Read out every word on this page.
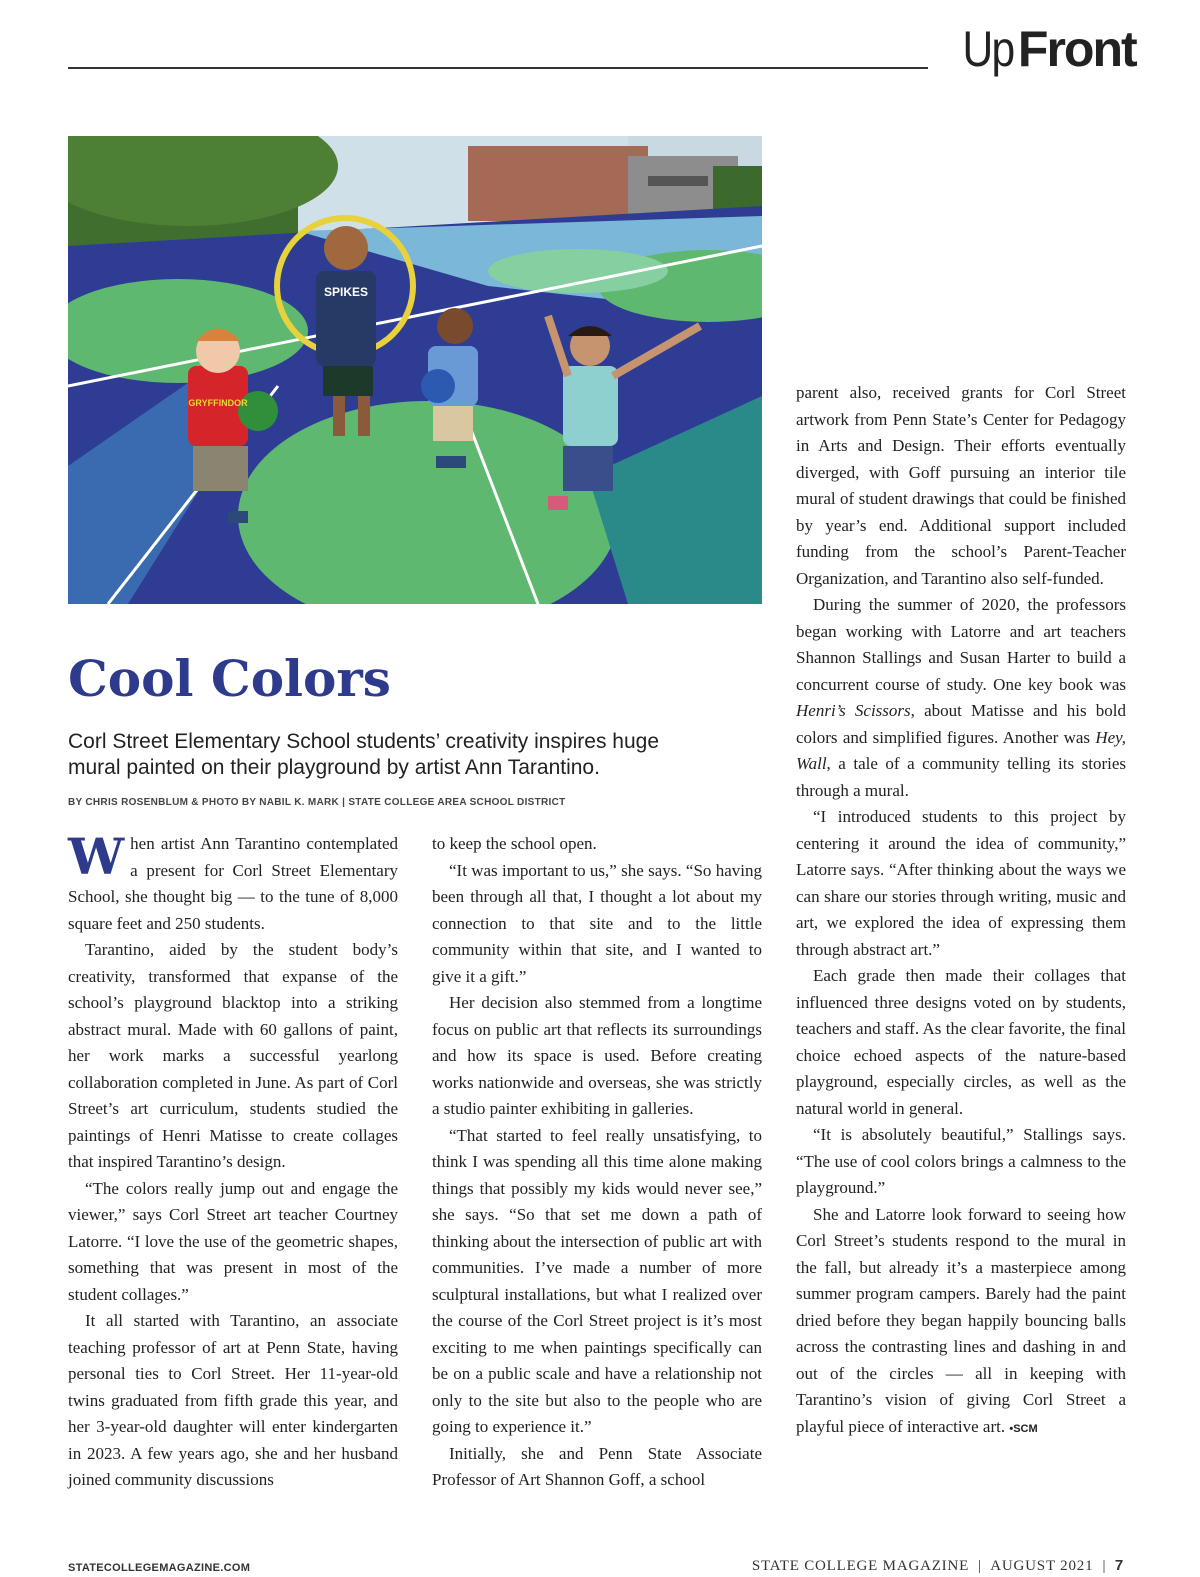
UpFront
GRYFFINDOR
SPIKES
Cool Colors

Corl Street Elementary School students’ creativity inspires huge mural painted on their playground by artist Ann Tarantino.

BY CHRIS ROSENBLUM & PHOTO BY NABIL K. MARK | STATE COLLEGE AREA SCHOOL DISTRICT

When artist Ann Tarantino contemplated a present for Corl Street Elementary School, she thought big — to the tune of 8,000 square feet and 250 students.

Tarantino, aided by the student body’s creativity, transformed that expanse of the school’s playground blacktop into a striking abstract mural. Made with 60 gallons of paint, her work marks a successful yearlong collaboration completed in June. As part of Corl Street’s art curriculum, students studied the paintings of Henri Matisse to create collages that inspired Tarantino’s design.

“The colors really jump out and engage the viewer,” says Corl Street art teacher Courtney Latorre. “I love the use of the geometric shapes, something that was present in most of the student collages.”

It all started with Tarantino, an associate teaching professor of art at Penn State, having personal ties to Corl Street. Her 11-year-old twins graduated from fifth grade this year, and her 3-year-old daughter will enter kindergarten in 2023. A few years ago, she and her husband joined community discussions

to keep the school open.

“It was important to us,” she says. “So having been through all that, I thought a lot about my connection to that site and to the little community within that site, and I wanted to give it a gift.”

Her decision also stemmed from a longtime focus on public art that reflects its surroundings and how its space is used. Before creating works nationwide and overseas, she was strictly a studio painter exhibiting in galleries.

“That started to feel really unsatisfying, to think I was spending all this time alone making things that possibly my kids would never see,” she says. “So that set me down a path of thinking about the intersection of public art with communities. I’ve made a number of more sculptural installations, but what I realized over the course of the Corl Street project is it’s most exciting to me when paintings specifically can be on a public scale and have a relationship not only to the site but also to the people who are going to experience it.”

Initially, she and Penn State Associate Professor of Art Shannon Goff, a school

parent also, received grants for Corl Street artwork from Penn State’s Center for Pedagogy in Arts and Design. Their efforts eventually diverged, with Goff pursuing an interior tile mural of student drawings that could be finished by year’s end. Additional support included funding from the school’s Parent-Teacher Organization, and Tarantino also self-funded.

During the summer of 2020, the professors began working with Latorre and art teachers Shannon Stallings and Susan Harter to build a concurrent course of study. One key book was Henri’s Scissors, about Matisse and his bold colors and simplified figures. Another was Hey, Wall, a tale of a community telling its stories through a mural.

“I introduced students to this project by centering it around the idea of community,” Latorre says. “After thinking about the ways we can share our stories through writing, music and art, we explored the idea of expressing them through abstract art.”

Each grade then made their collages that influenced three designs voted on by students, teachers and staff. As the clear favorite, the final choice echoed aspects of the nature-based playground, especially circles, as well as the natural world in general.

“It is absolutely beautiful,” Stallings says. “The use of cool colors brings a calmness to the playground.”

She and Latorre look forward to seeing how Corl Street’s students respond to the mural in the fall, but already it’s a masterpiece among summer program campers. Barely had the paint dried before they began happily bouncing balls across the contrasting lines and dashing in and out of the circles — all in keeping with Tarantino’s vision of giving Corl Street a playful piece of interactive art. •SCM

STATECOLLEGEMAGAZINE.COM	STATE COLLEGE MAGAZINE  |  AUGUST 2021  | 7
